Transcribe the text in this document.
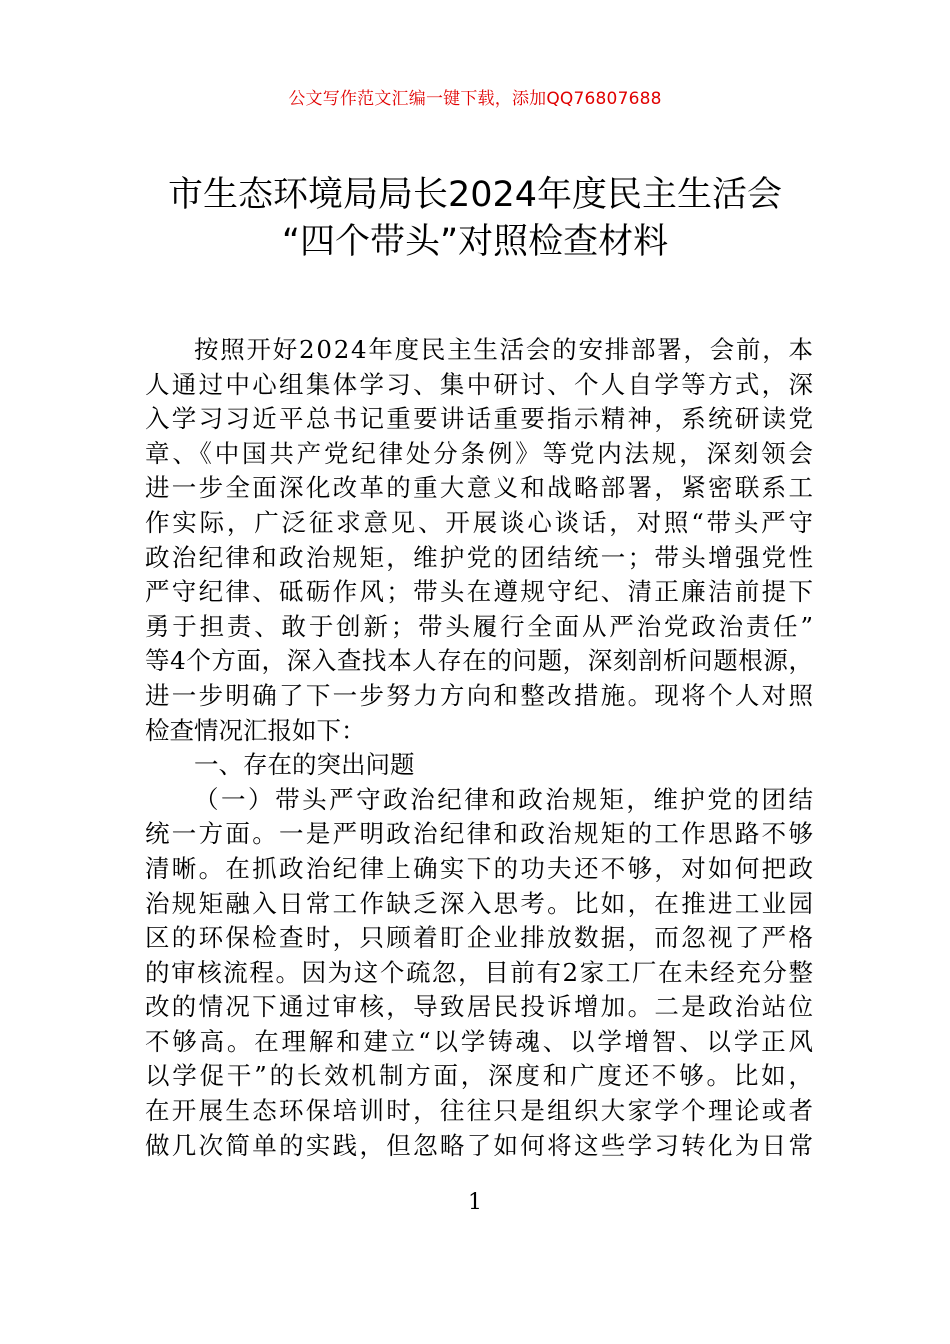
公文写作范文汇编一键下载，添加QQ76807688
市生态环境局局长2024年度民主生活会
“四个带头”对照检查材料
按照开好2024年度民主生活会的安排部署，会前，本
人通过中心组集体学习、集中研讨、个人自学等方式，深
入学习习近平总书记重要讲话重要指示精神，系统研读党
章、《中国共产党纪律处分条例》等党内法规，深刻领会
进一步全面深化改革的重大意义和战略部署，紧密联系工
作实际，广泛征求意见、开展谈心谈话，对照“带头严守
政治纪律和政治规矩，维护党的团结统一；带头增强党性
严守纪律、砥砺作风；带头在遵规守纪、清正廉洁前提下
勇于担责、敢于创新；带头履行全面从严治党政治责任”
等4个方面，深入查找本人存在的问题，深刻剖析问题根源，
进一步明确了下一步努力方向和整改措施。现将个人对照
检查情况汇报如下：
一、存在的突出问题
（一）带头严守政治纪律和政治规矩，维护党的团结
统一方面。一是严明政治纪律和政治规矩的工作思路不够
清晰。在抓政治纪律上确实下的功夫还不够，对如何把政
治规矩融入日常工作缺乏深入思考。比如，在推进工业园
区的环保检查时，只顾着盯企业排放数据，而忽视了严格
的审核流程。因为这个疏忽，目前有2家工厂在未经充分整
改的情况下通过审核，导致居民投诉增加。二是政治站位
不够高。在理解和建立“以学铸魂、以学增智、以学正风
以学促干”的长效机制方面，深度和广度还不够。比如，
在开展生态环保培训时，往往只是组织大家学个理论或者
做几次简单的实践，但忽略了如何将这些学习转化为日常
1
